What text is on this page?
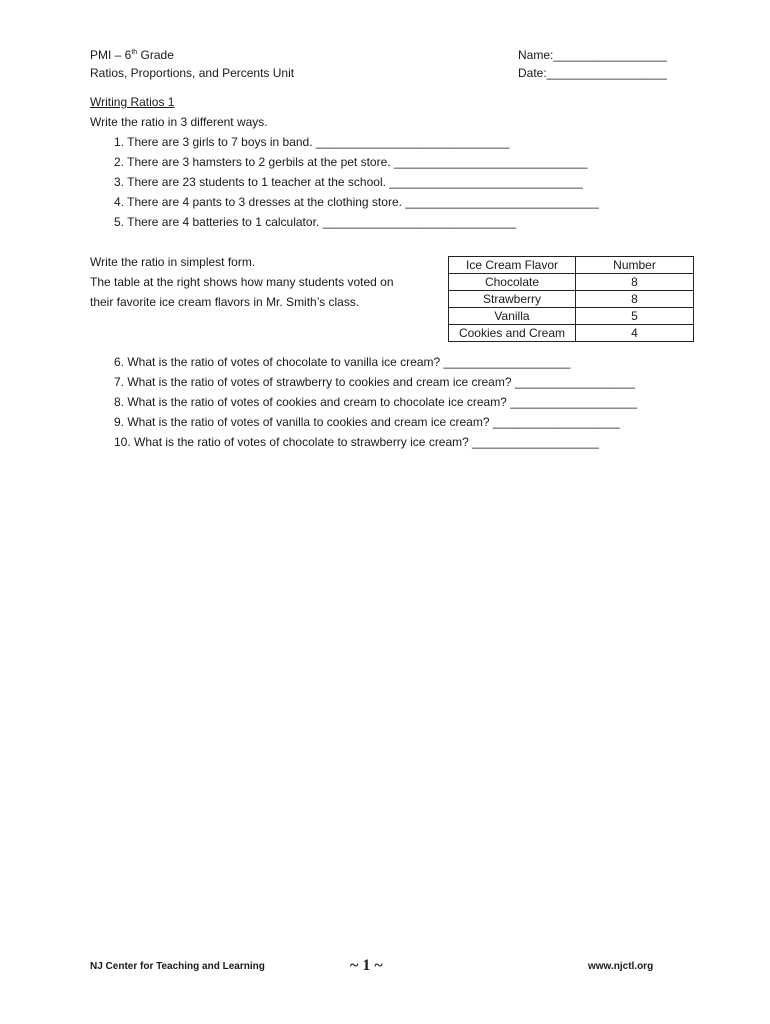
PMI – 6th Grade
Ratios, Proportions, and Percents Unit
Name:_________________
Date:__________________
Writing Ratios 1
Write the ratio in 3 different ways.
1. There are 3 girls to 7 boys in band. _____________________________
2. There are 3 hamsters to 2 gerbils at the pet store. _____________________________
3. There are 23 students to 1 teacher at the school. _____________________________
4. There are 4 pants to 3 dresses at the clothing store. _____________________________
5. There are 4 batteries to 1 calculator. _____________________________
Write the ratio in simplest form.
The table at the right shows how many students voted on
their favorite ice cream flavors in Mr. Smith’s class.
Ice Cream Flavor	Number
Chocolate	8
Strawberry	8
Vanilla	5
Cookies and Cream	4
6. What is the ratio of votes of chocolate to vanilla ice cream? ___________________
7. What is the ratio of votes of strawberry to cookies and cream ice cream? __________________
8. What is the ratio of votes of cookies and cream to chocolate ice cream? ___________________
9. What is the ratio of votes of vanilla to cookies and cream ice cream? ___________________
10. What is the ratio of votes of chocolate to strawberry ice cream? ___________________
NJ Center for Teaching and Learning	~ 1 ~	www.njctl.org
